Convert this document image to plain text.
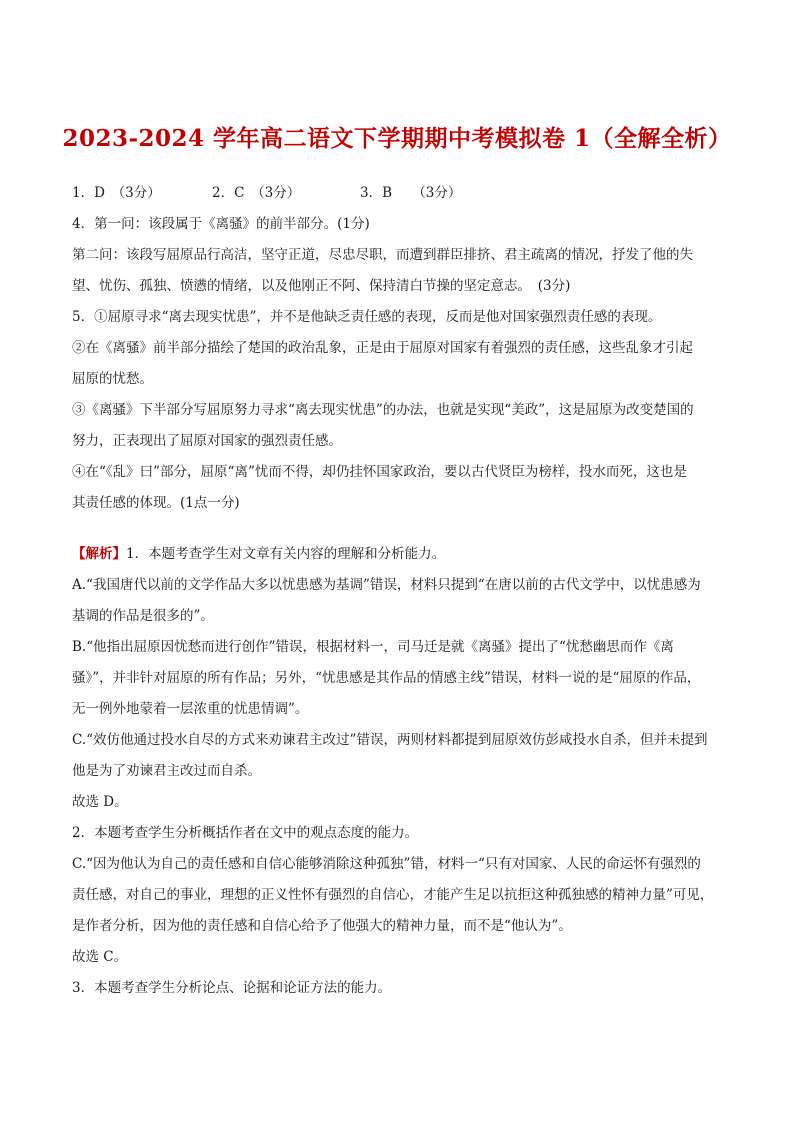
2023-2024 学年高二语文下学期期中考模拟卷 1（全解全析）
1．D　（3分）	2．C　（3分）	3．B　　（3分）
4．第一问：该段属于《离骚》的前半部分。(1分)
第二问：该段写屈原品行高洁，坚守正道，尽忠尽职，而遭到群臣排挤、君主疏离的情况，抒发了他的失
望、忧伤、孤独、愤懑的情绪，以及他刚正不阿、保持清白节操的坚定意志。　(3分)
5．①屈原寻求“离去现实忧患”，并不是他缺乏责任感的表现，反而是他对国家强烈责任感的表现。
②在《离骚》前半部分描绘了楚国的政治乱象，正是由于屈原对国家有着强烈的责任感，这些乱象才引起
屈原的忧愁。
③《离骚》下半部分写屈原努力寻求“离去现实忧患”的办法，也就是实现“美政”，这是屈原为改变楚国的
努力，正表现出了屈原对国家的强烈责任感。
④在“《乱》曰”部分，屈原“离”忧而不得，却仍挂怀国家政治，要以古代贤臣为榜样，投水而死，这也是
其责任感的体现。(1点一分)
【解析】1．本题考查学生对文章有关内容的理解和分析能力。
A.“我国唐代以前的文学作品大多以忧患感为基调”错误，材料只提到“在唐以前的古代文学中，以忧患感为
基调的作品是很多的”。
B.“他指出屈原因忧愁而进行创作”错误，根据材料一，司马迁是就《离骚》提出了“忧愁幽思而作《离
骚》”，并非针对屈原的所有作品；另外，“忧患感是其作品的情感主线”错误，材料一说的是“屈原的作品，
无一例外地蒙着一层浓重的忧患情调”。
C.“效仿他通过投水自尽的方式来劝谏君主改过”错误，两则材料都提到屈原效仿彭咸投水自杀，但并未提到
他是为了劝谏君主改过而自杀。
故选 D。
2．本题考查学生分析概括作者在文中的观点态度的能力。
C.“因为他认为自己的责任感和自信心能够消除这种孤独”错，材料一“只有对国家、人民的命运怀有强烈的
责任感，对自己的事业，理想的正义性怀有强烈的自信心，才能产生足以抗拒这种孤独感的精神力量”可见，
是作者分析，因为他的责任感和自信心给予了他强大的精神力量，而不是“他认为”。
故选 C。
3．本题考查学生分析论点、论据和论证方法的能力。
